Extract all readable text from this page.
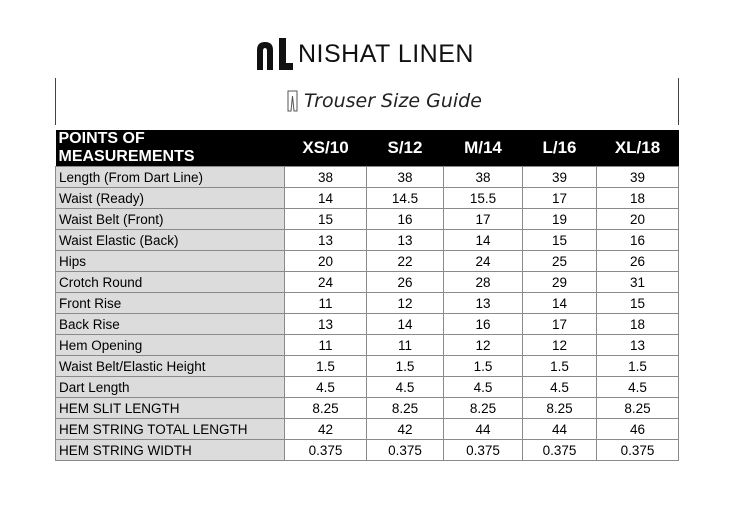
NISHAT LINEN
Trouser Size Guide
POINTS OF MEASUREMENTS	XS/10	S/12	M/14	L/16	XL/18
Length (From Dart Line)	38	38	38	39	39
Waist (Ready)	14	14.5	15.5	17	18
Waist Belt (Front)	15	16	17	19	20
Waist Elastic (Back)	13	13	14	15	16
Hips	20	22	24	25	26
Crotch Round	24	26	28	29	31
Front Rise	11	12	13	14	15
Back Rise	13	14	16	17	18
Hem Opening	11	11	12	12	13
Waist Belt/Elastic Height	1.5	1.5	1.5	1.5	1.5
Dart Length	4.5	4.5	4.5	4.5	4.5
HEM SLIT LENGTH	8.25	8.25	8.25	8.25	8.25
HEM STRING TOTAL LENGTH	42	42	44	44	46
HEM STRING WIDTH	0.375	0.375	0.375	0.375	0.375
